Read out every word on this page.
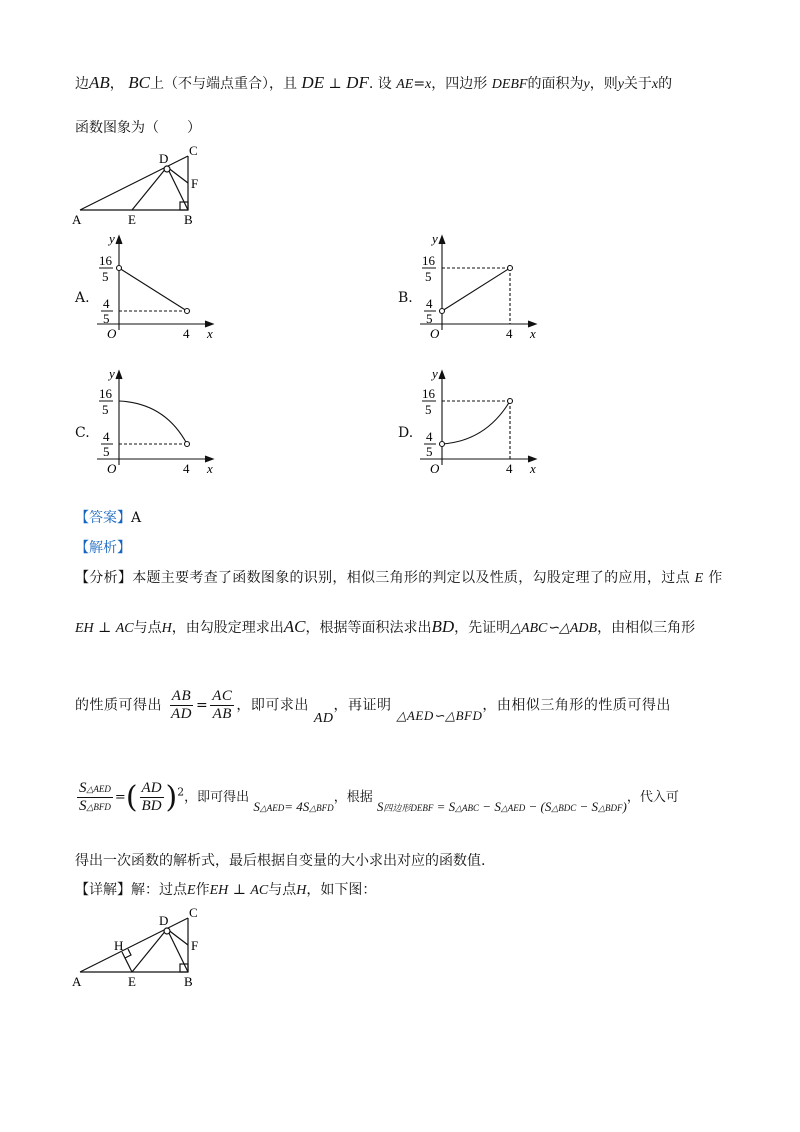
边AB， BC上（不与端点重合），且 DE ⊥ DF. 设 AE=x，四边形 DEBF的面积为y，则y关于x的
函数图象为（　　）
A	E	B
C
D
F
A.
16
5
4
5
y
x
O	4
B.
16
5
4
5
y
x
O	4
C.
16
5
4
5
y
x
O	4
D.
16
5
4
5
y
x
O	4
【答案】A
【解析】
【分析】本题主要考查了函数图象的识别，相似三角形的判定以及性质，勾股定理了的应用，过点 E 作
EH ⊥ AC与点H，由勾股定理求出AC，根据等面积法求出BD，先证明△ABC∽△ADB，由相似三角形
的性质可得出 $\frac{AB}{AD} = \frac{AC}{AB}$ ，即可求出 AD，再证明 △AED∽△BFD，由相似三角形的性质可得出
$\frac{\text{S△AED}}{\text{S△BFD}}$ =( $\frac{AD}{BD} )^2$，即可得出 S△AED= 4S△BFD，根据 S四边形DEBF = S△ABC − S△AED − (S△BDC − S△BDF)，代入可
得出一次函数的解析式，最后根据自变量的大小求出对应的函数值.
【详解】解：过点E作EH ⊥ AC与点H，如下图：
A	E	B
C
D
F
H
